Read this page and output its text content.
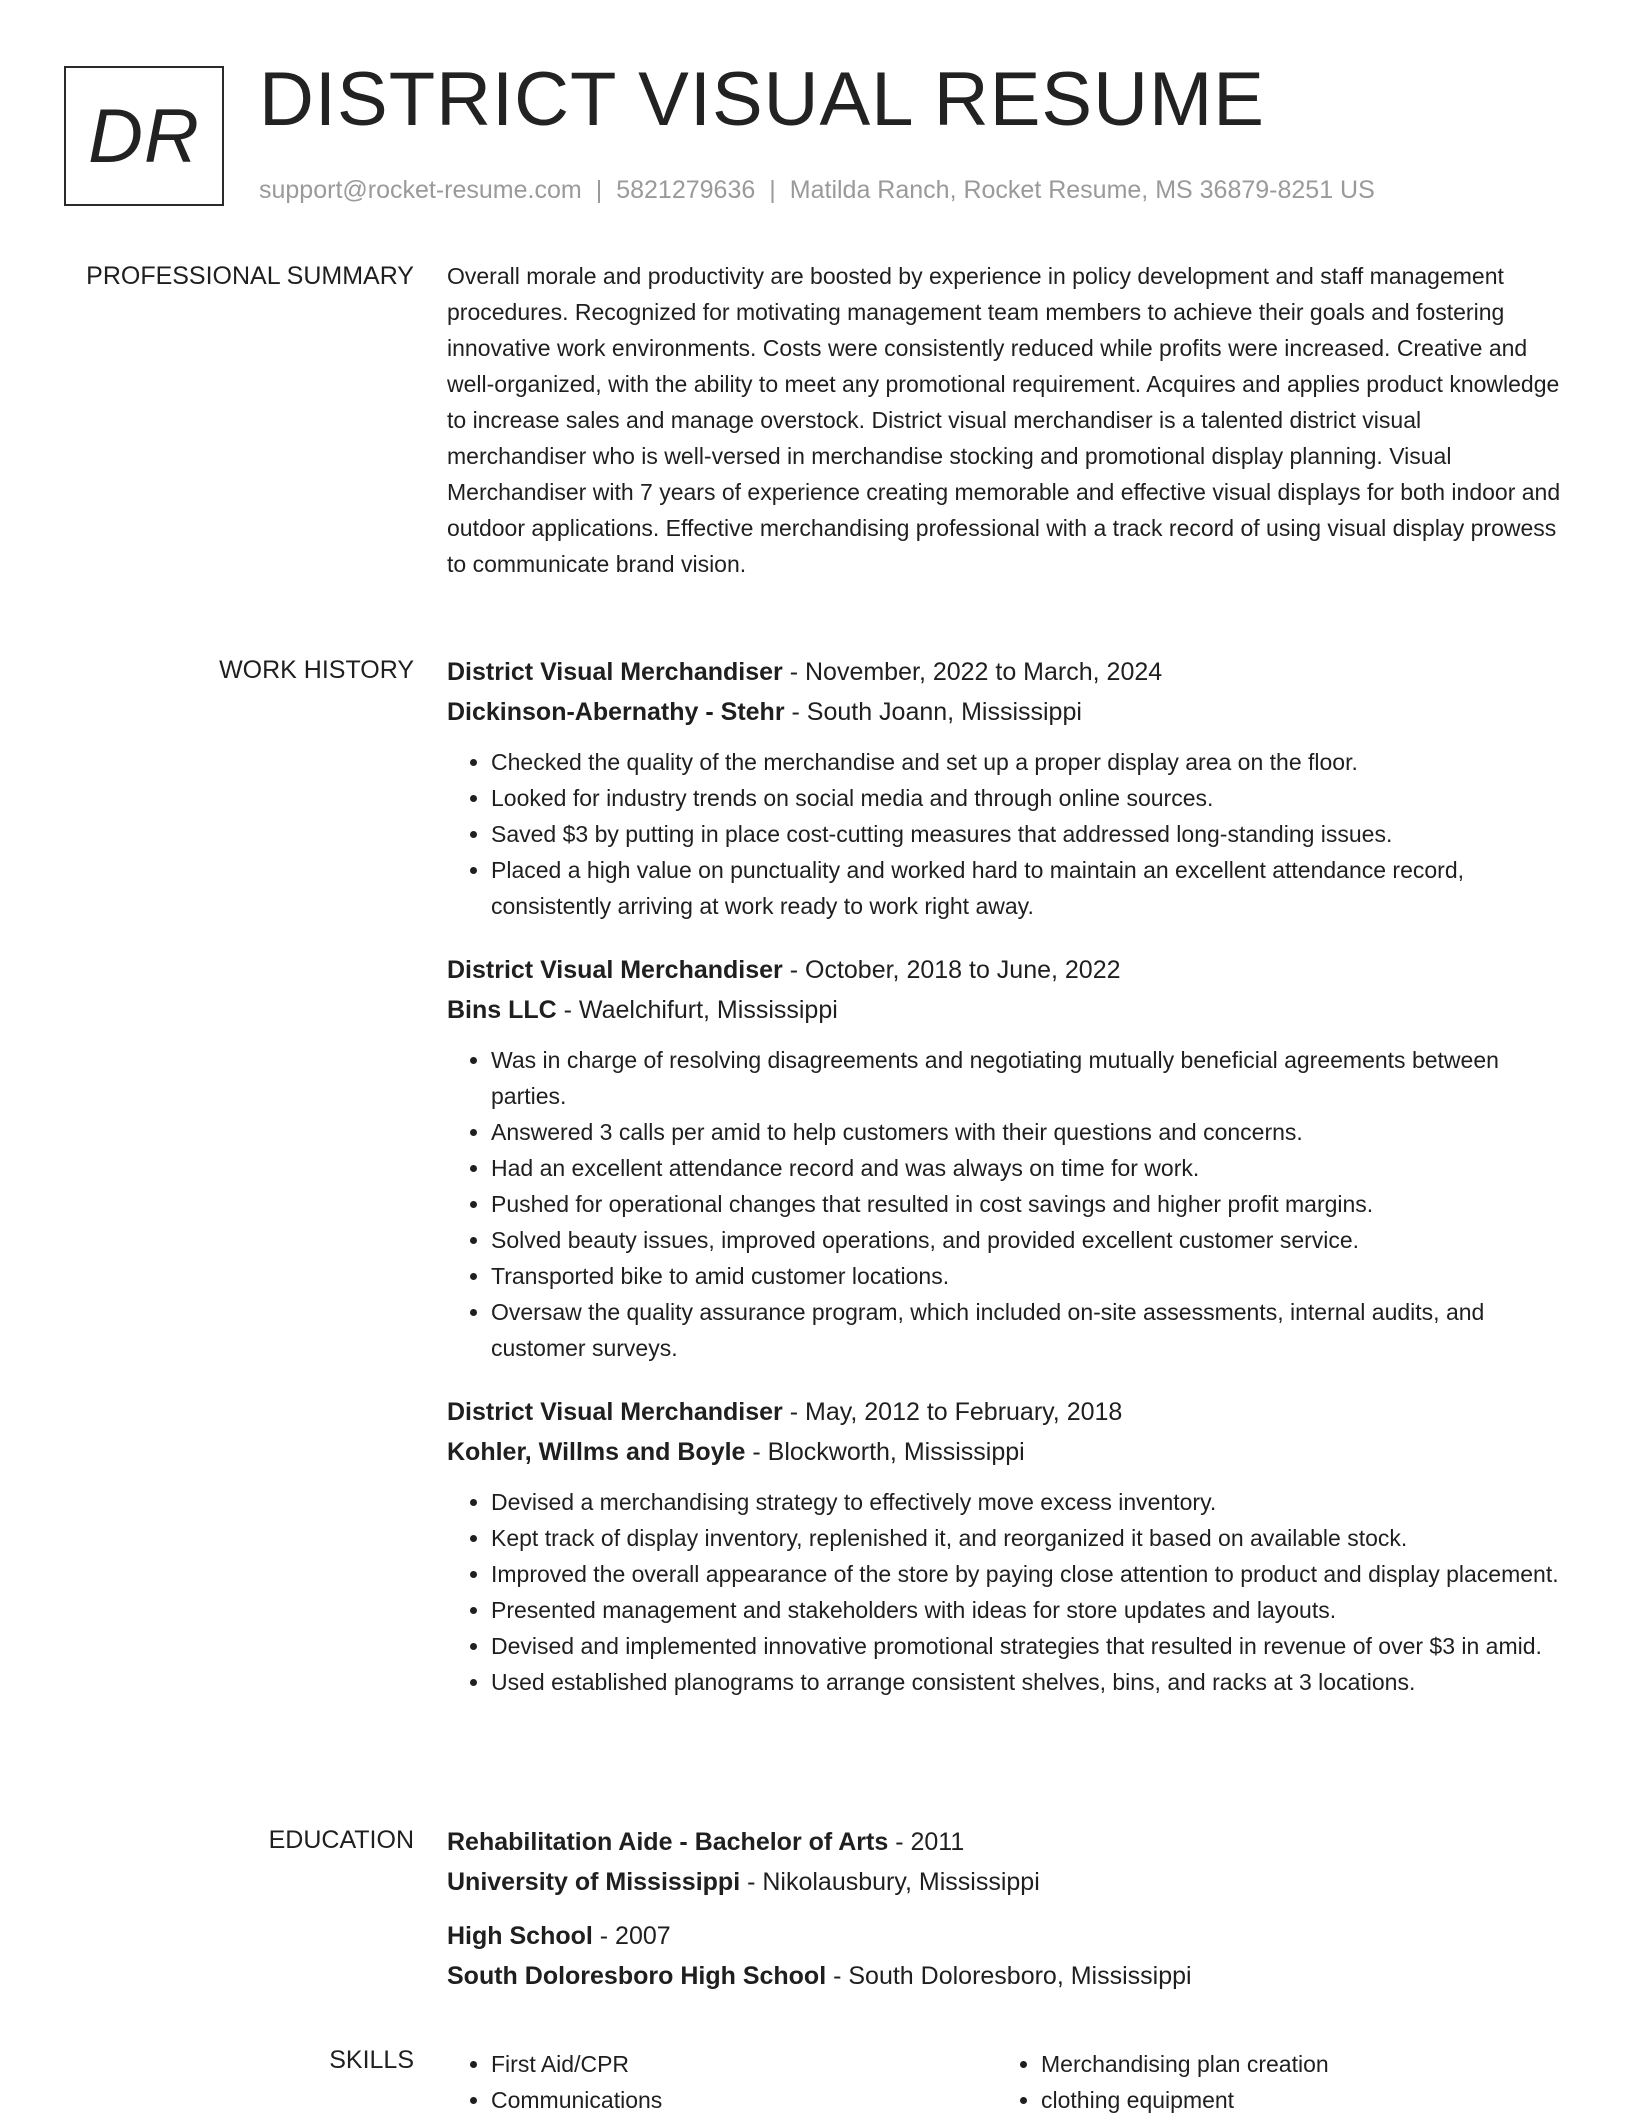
DR DISTRICT VISUAL RESUME
support@rocket-resume.com | 5821279636 | Matilda Ranch, Rocket Resume, MS 36879-8251 US
PROFESSIONAL SUMMARY Overall morale and productivity are boosted by experience in policy development and staff management procedures. Recognized for motivating management team members to achieve their goals and fostering innovative work environments. Costs were consistently reduced while profits were increased. Creative and well-organized, with the ability to meet any promotional requirement. Acquires and applies product knowledge to increase sales and manage overstock. District visual merchandiser is a talented district visual merchandiser who is well-versed in merchandise stocking and promotional display planning. Visual Merchandiser with 7 years of experience creating memorable and effective visual displays for both indoor and outdoor applications. Effective merchandising professional with a track record of using visual display prowess to communicate brand vision.

WORK HISTORY District Visual Merchandiser - November, 2022 to March, 2024
Dickinson-Abernathy - Stehr - South Joann, Mississippi
• Checked the quality of the merchandise and set up a proper display area on the floor.
• Looked for industry trends on social media and through online sources.
• Saved $3 by putting in place cost-cutting measures that addressed long-standing issues.
• Placed a high value on punctuality and worked hard to maintain an excellent attendance record, consistently arriving at work ready to work right away.
District Visual Merchandiser - October, 2018 to June, 2022
Bins LLC - Waelchifurt, Mississippi
• Was in charge of resolving disagreements and negotiating mutually beneficial agreements between parties.
• Answered 3 calls per amid to help customers with their questions and concerns.
• Had an excellent attendance record and was always on time for work.
• Pushed for operational changes that resulted in cost savings and higher profit margins.
• Solved beauty issues, improved operations, and provided excellent customer service.
• Transported bike to amid customer locations.
• Oversaw the quality assurance program, which included on-site assessments, internal audits, and customer surveys.
District Visual Merchandiser - May, 2012 to February, 2018
Kohler, Willms and Boyle - Blockworth, Mississippi
• Devised a merchandising strategy to effectively move excess inventory.
• Kept track of display inventory, replenished it, and reorganized it based on available stock.
• Improved the overall appearance of the store by paying close attention to product and display placement.
• Presented management and stakeholders with ideas for store updates and layouts.
• Devised and implemented innovative promotional strategies that resulted in revenue of over $3 in amid.
• Used established planograms to arrange consistent shelves, bins, and racks at 3 locations.
EDUCATION Rehabilitation Aide - Bachelor of Arts - 2011
University of Mississippi - Nikolausbury, Mississippi
High School - 2007
South Doloresboro High School - South Doloresboro, Mississippi
SKILLS
•	First Aid/CPR
• Communications
• Merchandising plan creation
• clothing equipment
